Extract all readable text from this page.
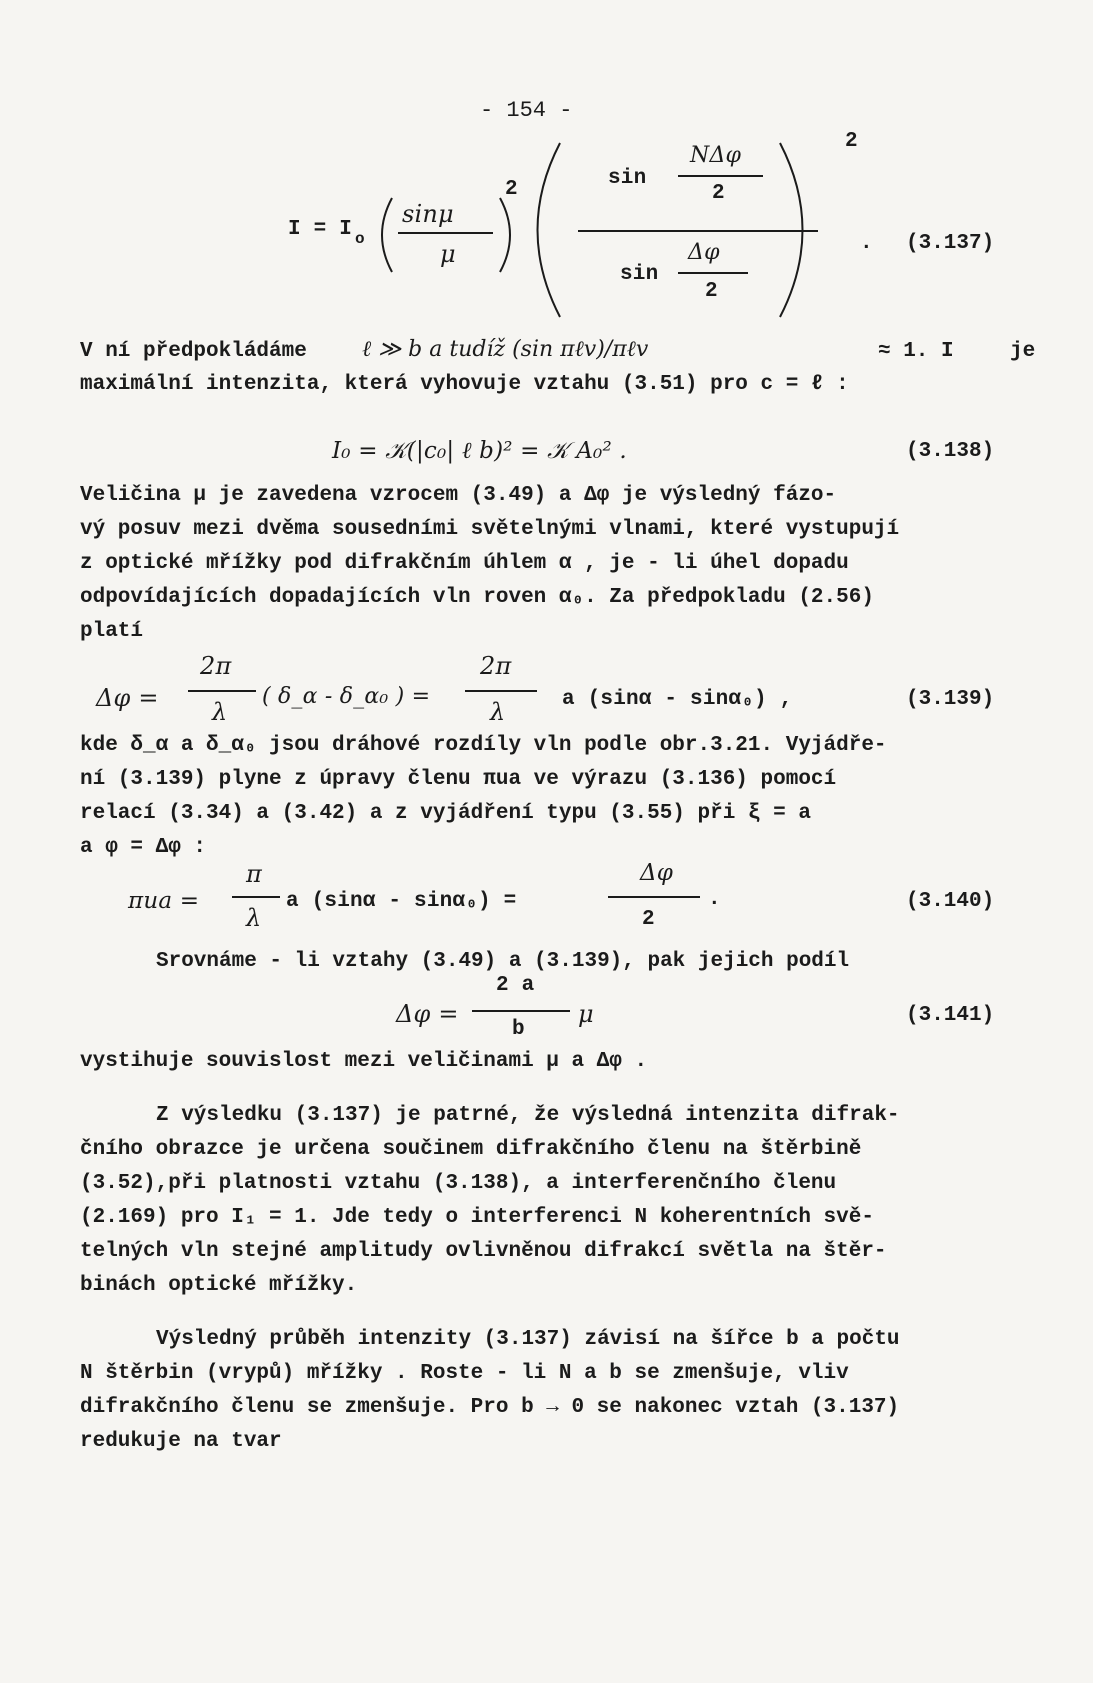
- 154 -
I = I o
sinμ
μ
2	sin
NΔφ
2
sin
Δφ
2
2
. (3.137)
V ní předpokládáme	ℓ ≫ b a tudíž (sin πℓv)/πℓv	≈ 1. I	je
maximální intenzita, která vyhovuje vztahu (3.51) pro c = ℓ :
I₀ = 𝒦(|c₀| ℓ b)² = 𝒦 A₀² .	(3.138)
Veličina μ je zavedena vzrocem (3.49) a Δφ je výsledný fázo-
vý posuv mezi dvěma sousedními světelnými vlnami, které vystupují
z optické mřížky pod difrakčním úhlem α , je - li úhel dopadu
odpovídajících dopadajících vln roven α₀. Za předpokladu (2.56)
platí
Δφ =
2π
λ
( δ_α - δ_α₀ ) =
2π
λ	a (sinα - sinα₀) ,	(3.139)
kde δ_α a δ_α₀ jsou dráhové rozdíly vln podle obr.3.21. Vyjádře-
ní (3.139) plyne z úpravy členu πua ve výrazu (3.136) pomocí
relací (3.34) a (3.42) a z vyjádření typu (3.55) při ξ = a
a φ = Δφ :
πua =
π
λ
a (sinα - sinα₀) =
Δφ
2
.	(3.140)
Srovnáme - li vztahy (3.49) a (3.139), pak jejich podíl
Δφ =
2 a
b
μ	(3.141)
vystihuje souvislost mezi veličinami μ a Δφ .
Z výsledku (3.137) je patrné, že výsledná intenzita difrak-
čního obrazce je určena součinem difrakčního členu na štěrbině
(3.52),při platnosti vztahu (3.138), a interferenčního členu
(2.169) pro I₁ = 1. Jde tedy o interferenci N koherentních svě-
telných vln stejné amplitudy ovlivněnou difrakcí světla na štěr-
binách optické mřížky.
Výsledný průběh intenzity (3.137) závisí na šířce b a počtu
N štěrbin (vrypů) mřížky . Roste - li N a b se zmenšuje, vliv
difrakčního členu se zmenšuje. Pro b → 0 se nakonec vztah (3.137)
redukuje na tvar
